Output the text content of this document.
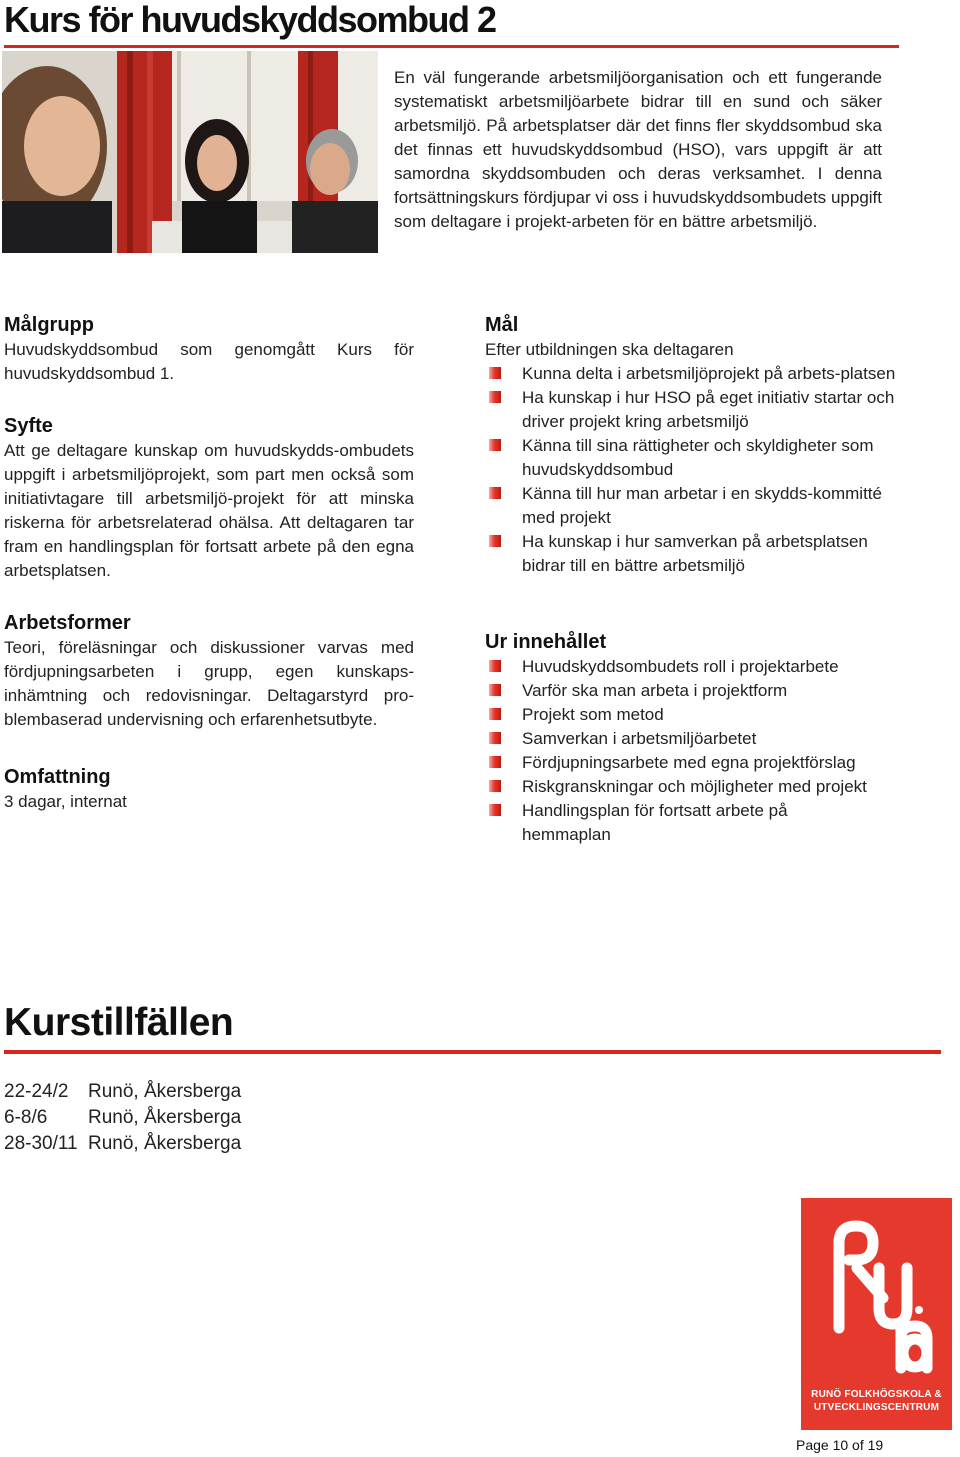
Kurs för huvudskyddsombud 2

En väl fungerande arbetsmiljöorganisation och ett fungerande systematiskt arbetsmiljöarbete bidrar till en sund och säker arbetsmiljö. På arbetsplatser där det finns fler skyddsombud ska det finnas ett huvudskyddsombud (HSO), vars uppgift är att samordna skyddsombuden och deras verksamhet. I denna fortsättningskurs fördjupar vi oss i huvudskyddsombudets uppgift som deltagare i projekt-arbeten för en bättre arbetsmiljö.

Målgrupp

Huvudskyddsombud som genomgått Kurs för huvudskyddsombud 1.

Syfte

Att ge deltagare kunskap om huvudskydds-ombudets uppgift i arbetsmiljöprojekt, som part men också som initiativtagare till arbetsmiljö-projekt för att minska riskerna för arbetsrelaterad ohälsa. Att deltagaren tar fram en handlingsplan för fortsatt arbete på den egna arbetsplatsen.

Arbetsformer

Teori, föreläsningar och diskussioner varvas med fördjupningsarbeten i grupp, egen kunskaps-inhämtning och redovisningar. Deltagarstyrd pro-blembaserad undervisning och erfarenhetsutbyte.

Omfattning

3 dagar, internat

Mål

Efter utbildningen ska deltagaren

Kunna delta i arbetsmiljöprojekt på arbets-platsen
Ha kunskap i hur HSO på eget initiativ startar och driver projekt kring arbetsmiljö
Känna till sina rättigheter och skyldigheter som huvudskyddsombud
Känna till hur man arbetar i en skydds-kommitté med projekt
Ha kunskap i hur samverkan på arbetsplatsen bidrar till en bättre arbetsmiljö
Ur innehållet
Huvudskyddsombudets roll i projektarbete
Varför ska man arbeta i projektform
Projekt som metod
Samverkan i arbetsmiljöarbetet
Fördjupningsarbete med egna projektförslag
Riskgranskningar och möjligheter med projekt
Handlingsplan för fortsatt arbete på hemmaplan
Kurstillfällen
22-24/2 Runö, Åkersberga
6-8/6 Runö, Åkersberga
28-30/11 Runö, Åkersberga
RUNÖ FOLKHÖGSKOLA &
UTVECKLINGSCENTRUM
Page 10 of 19
